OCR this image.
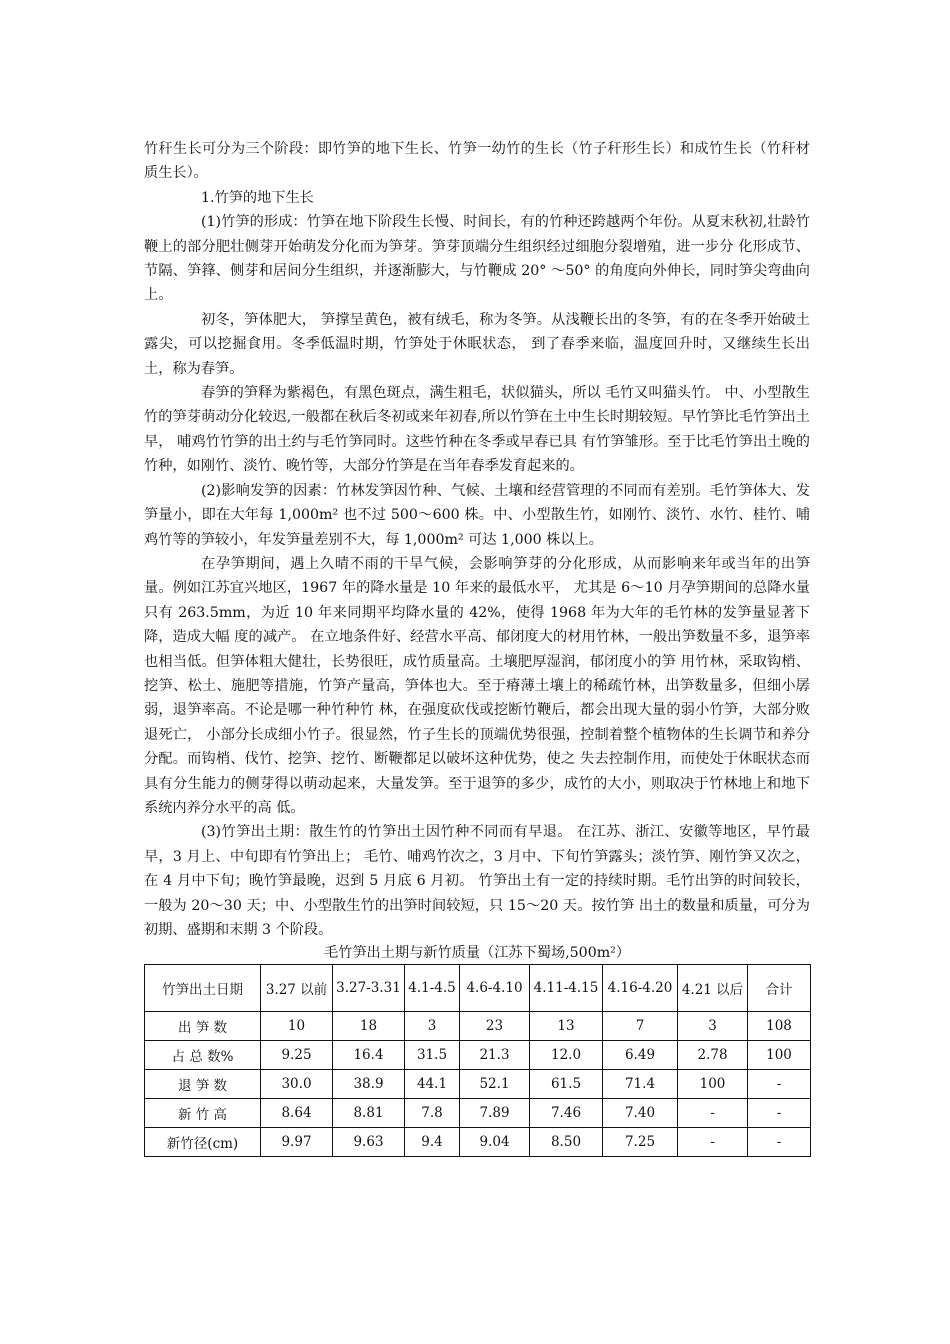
竹秆生长可分为三个阶段：即竹笋的地下生长、竹笋一幼竹的生长（竹子秆形生长）和成竹生长（竹秆材质生长）。

1.竹笋的地下生长

(1)竹笋的形成：竹笋在地下阶段生长慢、时间长，有的竹种还跨越两个年份。从夏末秋初,壮龄竹鞭上的部分肥壮侧芽开始萌发分化而为笋芽。笋芽顶端分生组织经过细胞分裂增殖，进一步分 化形成节、节隔、笋箨、侧芽和居间分生组织，并逐渐膨大，与竹鞭成 20° ～50° 的角度向外伸长，同时笋尖弯曲向上。

初冬，笋体肥大， 笋撑呈黄色，被有绒毛，称为冬笋。从浅鞭长出的冬笋，有的在冬季开始破土露尖，可以挖掘食用。冬季低温时期，竹笋处于休眠状态， 到了春季来临，温度回升时，又继续生长出土，称为春笋。

春笋的笋释为紫褐色，有黑色斑点，满生粗毛，状似猫头，所以 毛竹又叫猫头竹。 中、小型散生竹的笋芽萌动分化较迟,一般都在秋后冬初或来年初春,所以竹笋在土中生长时期较短。早竹笋比毛竹笋出土早， 哺鸡竹竹笋的出土约与毛竹笋同时。这些竹种在冬季或早春已具 有竹笋雏形。至于比毛竹笋出土晚的竹种，如刚竹、淡竹、晚竹等，大部分竹笋是在当年春季发育起来的。

(2)影响发笋的因素：竹林发笋因竹种、气候、土壤和经营管理的不同而有差别。毛竹笋体大、发笋量小，即在大年每 1,000m² 也不过 500～600 株。中、小型散生竹，如刚竹、淡竹、水竹、桂竹、哺鸡竹等的笋较小，年发笋量差别不大，每 1,000m² 可达 1,000 株以上。

在孕笋期间，遇上久晴不雨的干旱气候，会影响笋芽的分化形成，从而影响来年或当年的出笋量。例如江苏宜兴地区，1967 年的降水量是 10 年来的最低水平， 尤其是 6～10 月孕笋期间的总降水量只有 263.5mm，为近 10 年来同期平均降水量的 42%，使得 1968 年为大年的毛竹林的发笋量显著下降，造成大幅 度的减产。 在立地条件好、经营水平高、郁闭度大的材用竹林，一般出笋数量不多，退笋率也相当低。但笋体粗大健壮，长势很旺，成竹质量高。土壤肥厚湿润，郁闭度小的笋 用竹林，采取钩梢、挖笋、松土、施肥等措施，竹笋产量高，笋体也大。至于瘠薄土壤上的稀疏竹林，出笋数量多，但细小孱弱，退笋率高。不论是哪一种竹种竹 林，在强度砍伐或挖断竹鞭后，都会出现大量的弱小竹笋，大部分败退死亡， 小部分长成细小竹子。很显然，竹子生长的顶端优势很强，控制着整个植物体的生长调节和养分分配。而钩梢、伐竹、挖笋、挖竹、断鞭都足以破坏这种优势，使之 失去控制作用，而使处于休眠状态而具有分生能力的侧芽得以萌动起来，大量发笋。至于退笋的多少，成竹的大小，则取决于竹林地上和地下系统内养分水平的高 低。

(3)竹笋出土期：散生竹的竹笋出土因竹种不同而有早退。 在江苏、浙江、安徽等地区，早竹最早，3 月上、中旬即有竹笋出上； 毛竹、哺鸡竹次之，3 月中、下旬竹笋露头；淡竹笋、刚竹笋又次之， 在 4 月中下旬；晚竹笋最晚，迟到 5 月底 6 月初。 竹笋出土有一定的持续时期。毛竹出笋的时间较长，一般为 20～30 天；中、小型散生竹的出笋时间较短，只 15～20 天。按竹笋 出土的数量和质量，可分为初期、盛期和末期 3 个阶段。

毛竹笋出土期与新竹质量（江苏下蜀场,500m²）

竹笋出土日期	3.27 以前	3.27-3.31	4.1-4.5	4.6-4.10	4.11-4.15	4.16-4.20	4.21 以后	合计
出 笋 数	10	18	3	23	13	7	3	108
占 总 数%	9.25	16.4	31.5	21.3	12.0	6.49	2.78	100
退 笋 数	30.0	38.9	44.1	52.1	61.5	71.4	100	-
新 竹 高	8.64	8.81	7.8	7.89	7.46	7.40	-	-
新竹径(cm)	9.97	9.63	9.4	9.04	8.50	7.25	-	-
